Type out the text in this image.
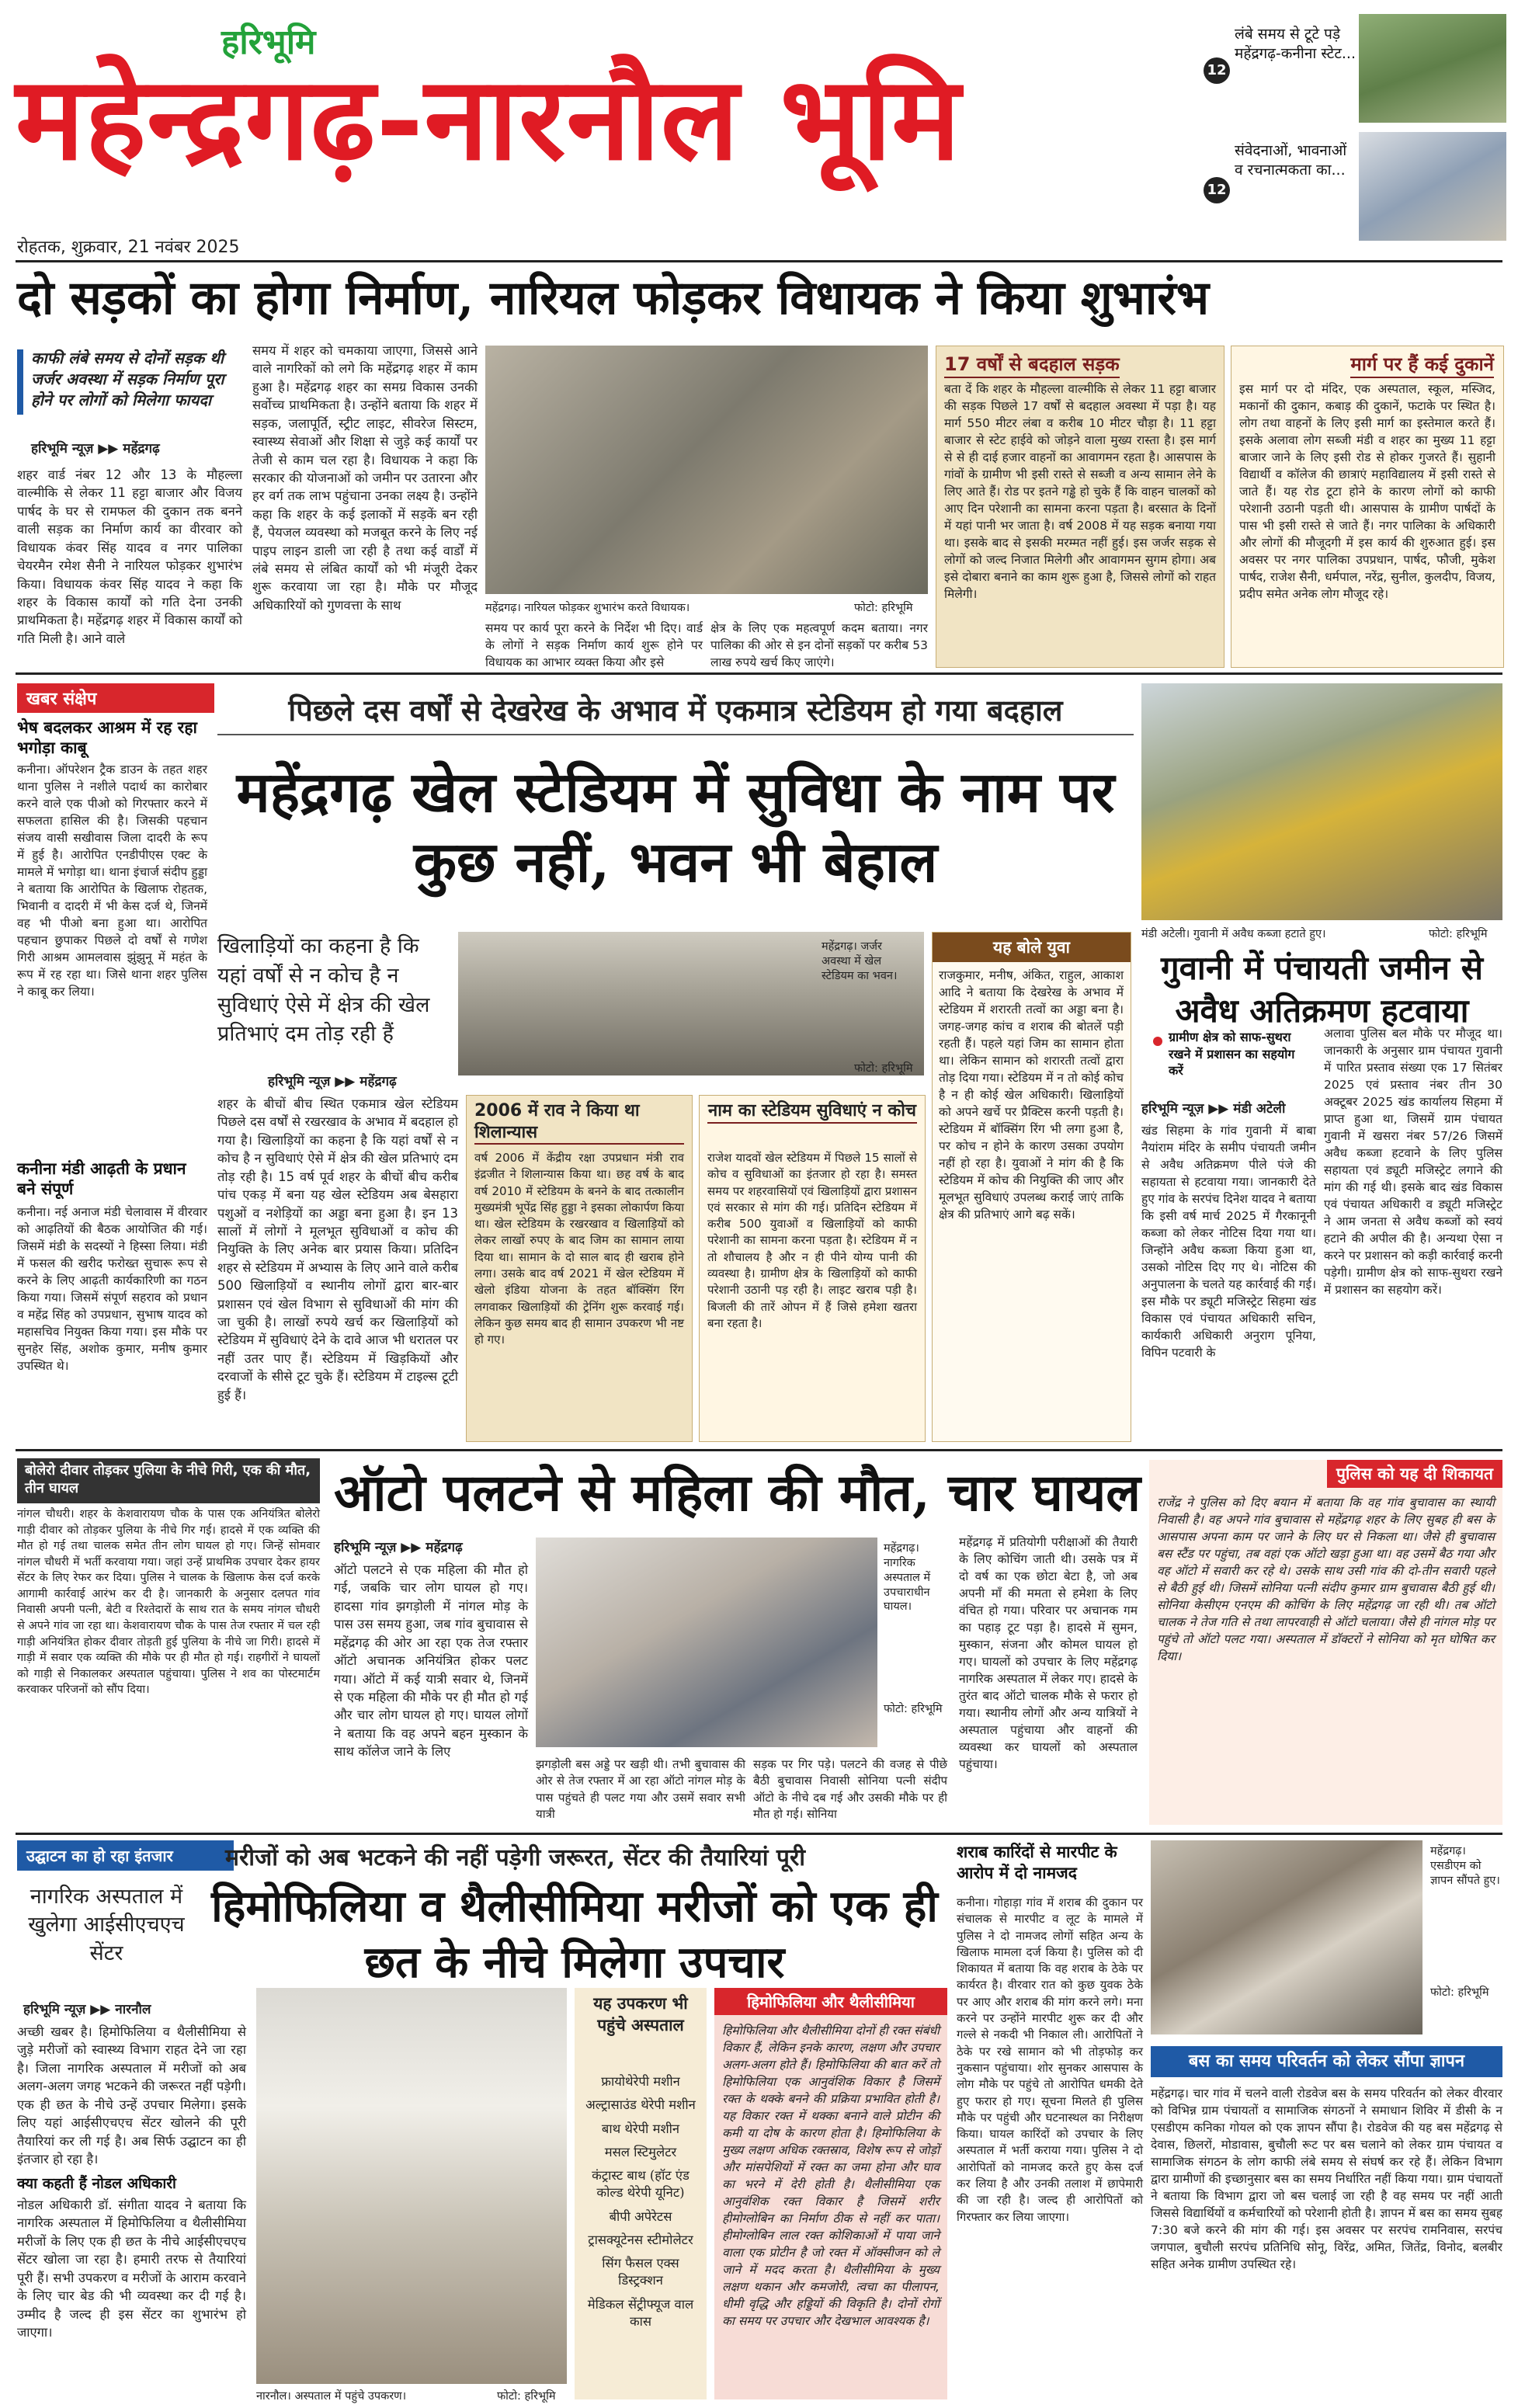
हरिभूमि
महेन्द्रगढ़-नारनौल भूमि
रोहतक, शुक्रवार, 21 नवंबर 2025
12
लंबे समय से टूटे पड़े महेंद्रगढ़-कनीना स्टेट...
12
संवेदनाओं, भावनाओं व रचनात्मकता का...
दो सड़कों का होगा निर्माण, नारियल फोड़कर विधायक ने किया शुभारंभ
काफी लंबे समय से दोनों सड़क थी जर्जर अवस्था में सड़क निर्माण पूरा होने पर लोगों को मिलेगा फायदा
हरिभूमि न्यूज़ ▶▶ महेंद्रगढ़
शहर वार्ड नंबर 12 और 13 के मौहल्ला वाल्मीकि से लेकर 11 हट्टा बाजार और विजय पार्षद के घर से रामफल की दुकान तक बनने वाली सड़क का निर्माण कार्य का वीरवार को विधायक कंवर सिंह यादव व नगर पालिका चेयरमैन रमेश सैनी ने नारियल फोड़कर शुभारंभ किया। विधायक कंवर सिंह यादव ने कहा कि शहर के विकास कार्यों को गति देना उनकी प्राथमिकता है। महेंद्रगढ़ शहर में विकास कार्यों को गति मिली है। आने वाले
समय में शहर को चमकाया जाएगा, जिससे आने वाले नागरिकों को लगे कि महेंद्रगढ़ शहर में काम हुआ है। महेंद्रगढ़ शहर का समग्र विकास उनकी सर्वोच्च प्राथमिकता है। उन्होंने बताया कि शहर में सड़क, जलापूर्ति, स्ट्रीट लाइट, सीवरेज सिस्टम, स्वास्थ्य सेवाओं और शिक्षा से जुड़े कई कार्यों पर तेजी से काम चल रहा है। विधायक ने कहा कि सरकार की योजनाओं को जमीन पर उतारना और हर वर्ग तक लाभ पहुंचाना उनका लक्ष्य है। उन्होंने कहा कि शहर के कई इलाकों में सड़कें बन रही हैं, पेयजल व्यवस्था को मजबूत करने के लिए नई पाइप लाइन डाली जा रही है तथा कई वार्डों में लंबे समय से लंबित कार्यों को भी मंजूरी देकर शुरू करवाया जा रहा है। मौके पर मौजूद अधिकारियों को गुणवत्ता के साथ	महेंद्रगढ़। नारियल फोड़कर शुभारंभ करते विधायक।	फोटो: हरिभूमि
समय पर कार्य पूरा करने के निर्देश भी दिए। वार्ड के लोगों ने सड़क निर्माण कार्य शुरू होने पर विधायक का आभार व्यक्त किया और इसे
क्षेत्र के लिए एक महत्वपूर्ण कदम बताया। नगर पालिका की ओर से इन दोनों सड़कों पर करीब 53 लाख रुपये खर्च किए जाएंगे।
17 वर्षों से बदहाल सड़क
बता दें कि शहर के मौहल्ला वाल्मीकि से लेकर 11 हट्टा बाजार की सड़क पिछले 17 वर्षों से बदहाल अवस्था में पड़ा है। यह मार्ग 550 मीटर लंबा व करीब 10 मीटर चौड़ा है। 11 हट्टा बाजार से स्टेट हाईवे को जोड़ने वाला मुख्य रास्ता है। इस मार्ग से से ही दाई हजार वाहनों का आवागमन रहता है। आसपास के गांवों के ग्रामीण भी इसी रास्ते से सब्जी व अन्य सामान लेने के लिए आते हैं। रोड पर इतने गड्ढे हो चुके हैं कि वाहन चालकों को आए दिन परेशानी का सामना करना पड़ता है। बरसात के दिनों में यहां पानी भर जाता है। वर्ष 2008 में यह सड़क बनाया गया था। इसके बाद से इसकी मरम्मत नहीं हुई। इस जर्जर सड़क से लोगों को जल्द निजात मिलेगी और आवागमन सुगम होगा। अब इसे दोबारा बनाने का काम शुरू हुआ है, जिससे लोगों को राहत मिलेगी।
मार्ग पर हैं कई दुकानें
इस मार्ग पर दो मंदिर, एक अस्पताल, स्कूल, मस्जिद, मकानों की दुकान, कबाड़ की दुकानें, फटाके पर स्थित है। लोग तथा वाहनों के लिए इसी मार्ग का इस्तेमाल करते हैं। इसके अलावा लोग सब्जी मंडी व शहर का मुख्य 11 हट्टा बाजार जाने के लिए इसी रोड से होकर गुजरते हैं। सुहानी विद्यार्थी व कॉलेज की छात्राएं महाविद्यालय में इसी रास्ते से जाते हैं। यह रोड टूटा होने के कारण लोगों को काफी परेशानी उठानी पड़ती थी। आसपास के ग्रामीण पार्षदों के पास भी इसी रास्ते से जाते हैं। नगर पालिका के अधिकारी और लोगों की मौजूदगी में इस कार्य की शुरुआत हुई। इस अवसर पर नगर पालिका उपप्रधान, पार्षद, फौजी, मुकेश पार्षद, राजेश सैनी, धर्मपाल, नरेंद्र, सुनील, कुलदीप, विजय, प्रदीप समेत अनेक लोग मौजूद रहे।
खबर संक्षेप
भेष बदलकर आश्रम में रह रहा भगोड़ा काबू
कनीना। ऑपरेशन ट्रैक डाउन के तहत शहर थाना पुलिस ने नशीले पदार्थ का कारोबार करने वाले एक पीओ को गिरफ्तार करने में सफलता हासिल की है। जिसकी पहचान संजय वासी सखीवास जिला दादरी के रूप में हुई है। आरोपित एनडीपीएस एक्ट के मामले में भगोड़ा था। थाना इंचार्ज संदीप हुड्डा ने बताया कि आरोपित के खिलाफ रोहतक, भिवानी व दादरी में भी केस दर्ज थे, जिनमें वह भी पीओ बना हुआ था। आरोपित पहचान छुपाकर पिछले दो वर्षों से गणेश गिरी आश्रम आमलवास झुंझुनू में महंत के रूप में रह रहा था। जिसे थाना शहर पुलिस ने काबू कर लिया।
कनीना मंडी आढ़ती के प्रधान बने संपूर्ण
कनीना। नई अनाज मंडी चेलावास में वीरवार को आढ़तियों की बैठक आयोजित की गई। जिसमें मंडी के सदस्यों ने हिस्सा लिया। मंडी में फसल की खरीद फरोख्त सुचारू रूप से करने के लिए आढ़ती कार्यकारिणी का गठन किया गया। जिसमें संपूर्ण सहराव को प्रधान व महेंद्र सिंह को उपप्रधान, सुभाष यादव को महासचिव नियुक्त किया गया। इस मौके पर सुनहेर सिंह, अशोक कुमार, मनीष कुमार उपस्थित थे।
पिछले दस वर्षों से देखरेख के अभाव में एकमात्र स्टेडियम हो गया बदहाल
महेंद्रगढ़ खेल स्टेडियम में सुविधा के नाम पर कुछ नहीं, भवन भी बेहाल
खिलाड़ियों का कहना है कि यहां वर्षों से न कोच है न सुविधाएं ऐसे में क्षेत्र की खेल प्रतिभाएं दम तोड़ रही हैं
हरिभूमि न्यूज़ ▶▶ महेंद्रगढ़
महेंद्रगढ़। जर्जर अवस्था में खेल स्टेडियम का भवन।
फोटो: हरिभूमि
शहर के बीचों बीच स्थित एकमात्र खेल स्टेडियम पिछले दस वर्षों से रखरखाव के अभाव में बदहाल हो गया है। खिलाड़ियों का कहना है कि यहां वर्षों से न कोच है न सुविधाएं ऐसे में क्षेत्र की खेल प्रतिभाएं दम तोड़ रही है। 15 वर्ष पूर्व शहर के बीचों बीच करीब पांच एकड़ में बना यह खेल स्टेडियम अब बेसहारा पशुओं व नशेड़ियों का अड्डा बना हुआ है। इन 13 सालों में लोगों ने मूलभूत सुविधाओं व कोच की नियुक्ति के लिए अनेक बार प्रयास किया। प्रतिदिन शहर से स्टेडियम में अभ्यास के लिए आने वाले करीब 500 खिलाड़ियों व स्थानीय लोगों द्वारा बार-बार प्रशासन एवं खेल विभाग से सुविधाओं की मांग की जा चुकी है। लाखों रुपये खर्च कर खिलाड़ियों को स्टेडियम में सुविधाएं देने के दावे आज भी धरातल पर नहीं उतर पाए हैं। स्टेडियम में खिड़कियों और दरवाजों के सीसे टूट चुके हैं। स्टेडियम में टाइल्स टूटी हुई हैं।
2006 में राव ने किया था शिलान्यास
वर्ष 2006 में केंद्रीय रक्षा उपप्रधान मंत्री राव इंद्रजीत ने शिलान्यास किया था। छह वर्ष के बाद वर्ष 2010 में स्टेडियम के बनने के बाद तत्कालीन मुख्यमंत्री भूपेंद्र सिंह हुड्डा ने इसका लोकार्पण किया था। खेल स्टेडियम के रखरखाव व खिलाड़ियों को लेकर लाखों रुपए के बाद जिम का सामान लाया दिया था। सामान के दो साल बाद ही खराब होने लगा। उसके बाद वर्ष 2021 में खेल स्टेडियम में खेलो इंडिया योजना के तहत बॉक्सिंग रिंग लगवाकर खिलाड़ियों की ट्रेनिंग शुरू करवाई गई। लेकिन कुछ समय बाद ही सामान उपकरण भी नष्ट हो गए।
नाम का स्टेडियम सुविधाएं न कोच
राजेश यादवों खेल स्टेडियम में पिछले 15 सालों से कोच व सुविधाओं का इंतजार हो रहा है। समस्त समय पर शहरवासियों एवं खिलाड़ियों द्वारा प्रशासन एवं सरकार से मांग की गई। प्रतिदिन स्टेडियम में करीब 500 युवाओं व खिलाड़ियों को काफी परेशानी का सामना करना पड़ता है। स्टेडियम में न तो शौचालय है और न ही पीने योग्य पानी की व्यवस्था है। ग्रामीण क्षेत्र के खिलाड़ियों को काफी परेशानी उठानी पड़ रही है। लाइट खराब पड़ी है। बिजली की तारें ओपन में हैं जिसे हमेशा खतरा बना रहता है।
यह बोले युवा
राजकुमार, मनीष, अंकित, राहुल, आकाश आदि ने बताया कि देखरेख के अभाव में स्टेडियम में शरारती तत्वों का अड्डा बना है। जगह-जगह कांच व शराब की बोतलें पड़ी रहती हैं। पहले यहां जिम का सामान होता था। लेकिन सामान को शरारती तत्वों द्वारा तोड़ दिया गया। स्टेडियम में न तो कोई कोच है न ही कोई खेल अधिकारी। खिलाड़ियों को अपने खर्चे पर प्रैक्टिस करनी पड़ती है। स्टेडियम में बॉक्सिंग रिंग भी लगा हुआ है, पर कोच न होने के कारण उसका उपयोग नहीं हो रहा है। युवाओं ने मांग की है कि स्टेडियम में कोच की नियुक्ति की जाए और मूलभूत सुविधाएं उपलब्ध कराई जाएं ताकि क्षेत्र की प्रतिभाएं आगे बढ़ सकें।
मंडी अटेली। गुवानी में अवैध कब्जा हटाते हुए।	फोटो: हरिभूमि
गुवानी में पंचायती जमीन से अवैध अतिक्रमण हटवाया
ग्रामीण क्षेत्र को साफ-सुथरा रखने में प्रशासन का सहयोग करें
हरिभूमि न्यूज़ ▶▶ मंडी अटेली
खंड सिहमा के गांव गुवानी में बाबा नैयांराम मंदिर के समीप पंचायती जमीन से अवैध अतिक्रमण पीले पंजे की सहायता से हटवाया गया। जानकारी देते हुए गांव के सरपंच दिनेश यादव ने बताया कि इसी वर्ष मार्च 2025 में गैरकानूनी कब्जा को लेकर नोटिस दिया गया था। जिन्होंने अवैध कब्जा किया हुआ था, उसको नोटिस दिए गए थे। नोटिस की अनुपालना के चलते यह कार्रवाई की गई। इस मौके पर ड्यूटी मजिस्ट्रेट सिहमा खंड विकास एवं पंचायत अधिकारी सचिन, कार्यकारी अधिकारी अनुराग पूनिया, विपिन पटवारी के
अलावा पुलिस बल मौके पर मौजूद था। जानकारी के अनुसार ग्राम पंचायत गुवानी में पारित प्रस्ताव संख्या एक 17 सितंबर 2025 एवं प्रस्ताव नंबर तीन 30 अक्टूबर 2025 खंड कार्यालय सिहमा में प्राप्त हुआ था, जिसमें ग्राम पंचायत गुवानी में खसरा नंबर 57/26 जिसमें अवैध कब्जा हटवाने के लिए पुलिस सहायता एवं ड्यूटी मजिस्ट्रेट लगाने की मांग की गई थी। इसके बाद खंड विकास एवं पंचायत अधिकारी व ड्यूटी मजिस्ट्रेट ने आम जनता से अवैध कब्जों को स्वयं हटाने की अपील की है। अन्यथा ऐसा न करने पर प्रशासन को कड़ी कार्रवाई करनी पड़ेगी। ग्रामीण क्षेत्र को साफ-सुथरा रखने में प्रशासन का सहयोग करें।
बोलेरो दीवार तोड़कर पुलिया के नीचे गिरी, एक की मौत, तीन घायल
नांगल चौधरी। शहर के केशवारायण चौक के पास एक अनियंत्रित बोलेरो गाड़ी दीवार को तोड़कर पुलिया के नीचे गिर गई। हादसे में एक व्यक्ति की मौत हो गई तथा चालक समेत तीन लोग घायल हो गए। जिन्हें सोमवार नांगल चौधरी में भर्ती करवाया गया। जहां उन्हें प्राथमिक उपचार देकर हायर सेंटर के लिए रेफर कर दिया। पुलिस ने चालक के खिलाफ केस दर्ज करके आगामी कार्रवाई आरंभ कर दी है। जानकारी के अनुसार दलपत गांव निवासी अपनी पत्नी, बेटी व रिश्तेदारों के साथ रात के समय नांगल चौधरी से अपने गांव जा रहा था। केशवारायण चौक के पास तेज रफ्तार में चल रही गाड़ी अनियंत्रित होकर दीवार तोड़ती हुई पुलिया के नीचे जा गिरी। हादसे में गाड़ी में सवार एक व्यक्ति की मौके पर ही मौत हो गई। राहगीरों ने घायलों को गाड़ी से निकालकर अस्पताल पहुंचाया। पुलिस ने शव का पोस्टमार्टम करवाकर परिजनों को सौंप दिया।
ऑटो पलटने से महिला की मौत, चार घायल
हरिभूमि न्यूज़ ▶▶ महेंद्रगढ़
ऑटो पलटने से एक महिला की मौत हो गई, जबकि चार लोग घायल हो गए। हादसा गांव झगड़ोली में नांगल मोड़ के पास उस समय हुआ, जब गांव बुचावास से महेंद्रगढ़ की ओर आ रहा एक तेज रफ्तार ऑटो अचानक अनियंत्रित होकर पलट गया। ऑटो में कई यात्री सवार थे, जिनमें से एक महिला की मौके पर ही मौत हो गई और चार लोग घायल हो गए। घायल लोगों ने बताया कि वह अपने बहन मुस्कान के साथ कॉलेज जाने के लिए
महेंद्रगढ़। नागरिक अस्पताल में उपचाराधीन घायल।
फोटो: हरिभूमि
झगड़ोली बस अड्डे पर खड़ी थी। तभी बुचावास की ओर से तेज रफ्तार में आ रहा ऑटो नांगल मोड़ के पास पहुंचते ही पलट गया और उसमें सवार सभी यात्री
सड़क पर गिर पड़े। पलटने की वजह से पीछे बैठी बुचावास निवासी सोनिया पत्नी संदीप ऑटो के नीचे दब गई और उसकी मौके पर ही मौत हो गई। सोनिया
महेंद्रगढ़ में प्रतियोगी परीक्षाओं की तैयारी के लिए कोचिंग जाती थी। उसके पत्र में दो वर्ष का एक छोटा बेटा है, जो अब अपनी माँ की ममता से हमेशा के लिए वंचित हो गया। परिवार पर अचानक गम का पहाड़ टूट पड़ा है। हादसे में सुमन, मुस्कान, संजना और कोमल घायल हो गए। घायलों को उपचार के लिए महेंद्रगढ़ नागरिक अस्पताल में लेकर गए। हादसे के तुरंत बाद ऑटो चालक मौके से फरार हो गया। स्थानीय लोगों और अन्य यात्रियों ने अस्पताल पहुंचाया और वाहनों की व्यवस्था कर घायलों को अस्पताल पहुंचाया।
पुलिस को यह दी शिकायत
राजेंद्र ने पुलिस को दिए बयान में बताया कि वह गांव बुचावास का स्थायी निवासी है। वह अपने गांव बुचावास से महेंद्रगढ़ शहर के लिए सुबह ही बस के आसपास अपना काम पर जाने के लिए घर से निकला था। जैसे ही बुचावास बस स्टैंड पर पहुंचा, तब वहां एक ऑटो खड़ा हुआ था। वह उसमें बैठ गया और वह ऑटो में सवारी कर रहे थे। उसके साथ उसी गांव की दो-तीन सवारी पहले से बैठी हुई थी। जिसमें सोनिया पत्नी संदीप कुमार ग्राम बुचावास बैठी हुई थी। सोनिया केसीएम एनएम की कोचिंग के लिए महेंद्रगढ़ जा रही थी। तब ऑटो चालक ने तेज गति से तथा लापरवाही से ऑटो चलाया। जैसे ही नांगल मोड़ पर पहुंचे तो ऑटो पलट गया। अस्पताल में डॉक्टरों ने सोनिया को मृत घोषित कर दिया।
उद्घाटन का हो रहा इंतजार	मरीजों को अब भटकने की नहीं पड़ेगी जरूरत, सेंटर की तैयारियां पूरी
हिमोफिलिया व थैलीसीमिया मरीजों को एक ही छत के नीचे मिलेगा उपचार
नागरिक अस्पताल में खुलेगा आईसीएचएच सेंटर
हरिभूमि न्यूज़ ▶▶ नारनौल
अच्छी खबर है। हिमोफिलिया व थैलीसीमिया से जुड़े मरीजों को स्वास्थ्य विभाग राहत देने जा रहा है। जिला नागरिक अस्पताल में मरीजों को अब अलग-अलग जगह भटकने की जरूरत नहीं पड़ेगी। एक ही छत के नीचे उन्हें उपचार मिलेगा। इसके लिए यहां आईसीएचएच सेंटर खोलने की पूरी तैयारियां कर ली गई है। अब सिर्फ उद्घाटन का ही इंतजार हो रहा है।
क्या कहती हैं नोडल अधिकारी
नोडल अधिकारी डॉ. संगीता यादव ने बताया कि नागरिक अस्पताल में हिमोफिलिया व थैलीसीमिया मरीजों के लिए एक ही छत के नीचे आईसीएचएच सेंटर खोला जा रहा है। हमारी तरफ से तैयारियां पूरी हैं। सभी उपकरण व मरीजों के आराम करवाने के लिए चार बेड की भी व्यवस्था कर दी गई है। उम्मीद है जल्द ही इस सेंटर का शुभारंभ हो जाएगा।
नारनौल। अस्पताल में पहुंचे उपकरण।	फोटो: हरिभूमि
यह उपकरण भी पहुंचे अस्पताल
फ्रायोथेरेपी मशीन
अल्ट्रासाउंड थेरेपी मशीन
बाथ थेरेपी मशीन
मसल स्टिमुलेटर
कंट्रास्ट बाथ (हॉट एंड कोल्ड थेरेपी यूनिट)
बीपी अपेरेटस
ट्रासक्यूटेनस स्टीमोलेटर
सिंग फैसल एक्स डिस्ट्रक्शन
मेडिकल सेंट्रीफ्यूज वाल कास
हिमोफिलिया और थैलीसीमिया
हिमोफिलिया और थैलीसीमिया दोनों ही रक्त संबंधी विकार हैं, लेकिन इनके कारण, लक्षण और उपचार अलग-अलग होते हैं। हिमोफिलिया की बात करें तो हिमोफिलिया एक आनुवंशिक विकार है जिसमें रक्त के थक्के बनने की प्रक्रिया प्रभावित होती है। यह विकार रक्त में थक्का बनाने वाले प्रोटीन की कमी या दोष के कारण होता है। हिमोफिलिया के मुख्य लक्षण अधिक रक्तस्राव, विशेष रूप से जोड़ों और मांसपेशियों में रक्त का जमा होना और घाव का भरने में देरी होती है। थैलीसीमिया एक आनुवंशिक रक्त विकार है जिसमें शरीर हीमोग्लोबिन का निर्माण ठीक से नहीं कर पाता। हीमोग्लोबिन लाल रक्त कोशिकाओं में पाया जाने वाला एक प्रोटीन है जो रक्त में ऑक्सीजन को ले जाने में मदद करता है। थैलीसीमिया के मुख्य लक्षण थकान और कमजोरी, त्वचा का पीलापन, धीमी वृद्धि और हड्डियों की विकृति है। दोनों रोगों का समय पर उपचार और देखभाल आवश्यक है।
शराब कारिंदों से मारपीट के आरोप में दो नामजद
कनीना। गोहाड़ा गांव में शराब की दुकान पर संचालक से मारपीट व लूट के मामले में पुलिस ने दो नामजद लोगों सहित अन्य के खिलाफ मामला दर्ज किया है। पुलिस को दी शिकायत में बताया कि वह शराब के ठेके पर कार्यरत है। वीरवार रात को कुछ युवक ठेके पर आए और शराब की मांग करने लगे। मना करने पर उन्होंने मारपीट शुरू कर दी और गल्ले से नकदी भी निकाल ली। आरोपितों ने ठेके पर रखे सामान को भी तोड़फोड़ कर नुकसान पहुंचाया। शोर सुनकर आसपास के लोग मौके पर पहुंचे तो आरोपित धमकी देते हुए फरार हो गए। सूचना मिलते ही पुलिस मौके पर पहुंची और घटनास्थल का निरीक्षण किया। घायल कारिंदों को उपचार के लिए अस्पताल में भर्ती कराया गया। पुलिस ने दो आरोपितों को नामजद करते हुए केस दर्ज कर लिया है और उनकी तलाश में छापेमारी की जा रही है। जल्द ही आरोपितों को गिरफ्तार कर लिया जाएगा।
महेंद्रगढ़। एसडीएम को ज्ञापन सौंपते हुए।
फोटो: हरिभूमि
बस का समय परिवर्तन को लेकर सौंपा ज्ञापन
महेंद्रगढ़। चार गांव में चलने वाली रोडवेज बस के समय परिवर्तन को लेकर वीरवार को विभिन्न ग्राम पंचायतों व सामाजिक संगठनों ने समाधान शिविर में डीसी के न एसडीएम कनिका गोयल को एक ज्ञापन सौंपा है। रोडवेज की यह बस महेंद्रगढ़ से देवास, छिलरों, मोडावास, बुचौली रूट पर बस चलाने को लेकर ग्राम पंचायत व सामाजिक संगठन के लोग काफी लंबे समय से संघर्ष कर रहे हैं। लेकिन विभाग द्वारा ग्रामीणों की इच्छानुसार बस का समय निर्धारित नहीं किया गया। ग्राम पंचायतों ने बताया कि विभाग द्वारा जो बस चलाई जा रही है वह समय पर नहीं आती जिससे विद्यार्थियों व कर्मचारियों को परेशानी होती है। ज्ञापन में बस का समय सुबह 7:30 बजे करने की मांग की गई। इस अवसर पर सरपंच रामनिवास, सरपंच जगपाल, बुचौली सरपंच प्रतिनिधि सोनू, विरेंद्र, अमित, जितेंद्र, विनोद, बलबीर सहित अनेक ग्रामीण उपस्थित रहे।
